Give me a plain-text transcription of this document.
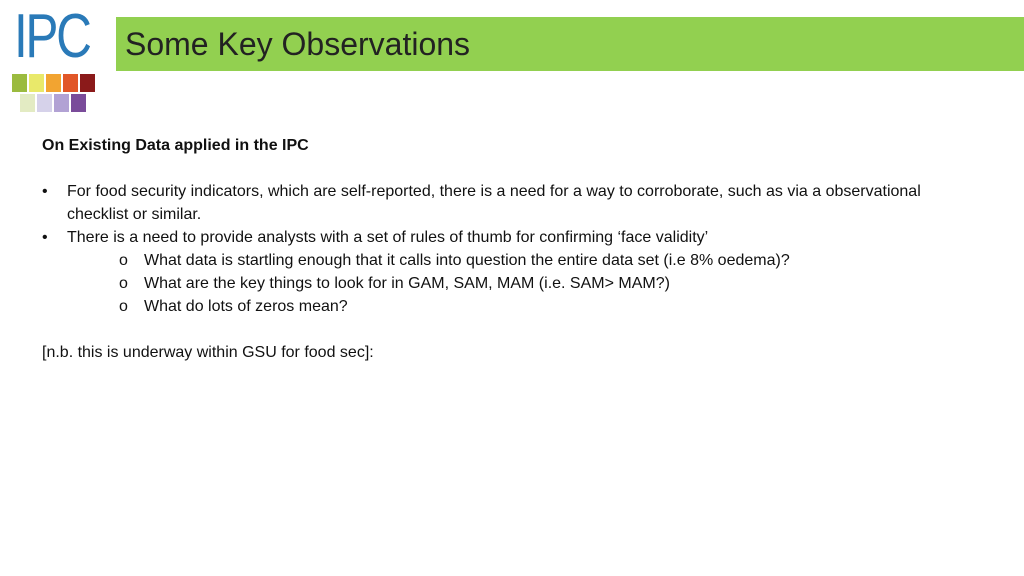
IPC Some Key Observations
On Existing Data applied in the IPC
• For food security indicators, which are self-reported, there is a need for a way to corroborate, such as via a observational checklist or similar.
• There is a need to provide analysts with a set of rules of thumb for confirming ‘face validity’
o What data is startling enough that it calls into question the entire data set (i.e 8% oedema)?
o What are the key things to look for in GAM, SAM, MAM (i.e. SAM> MAM?)
o What do lots of zeros mean?
[n.b. this is underway within GSU for food sec]:
